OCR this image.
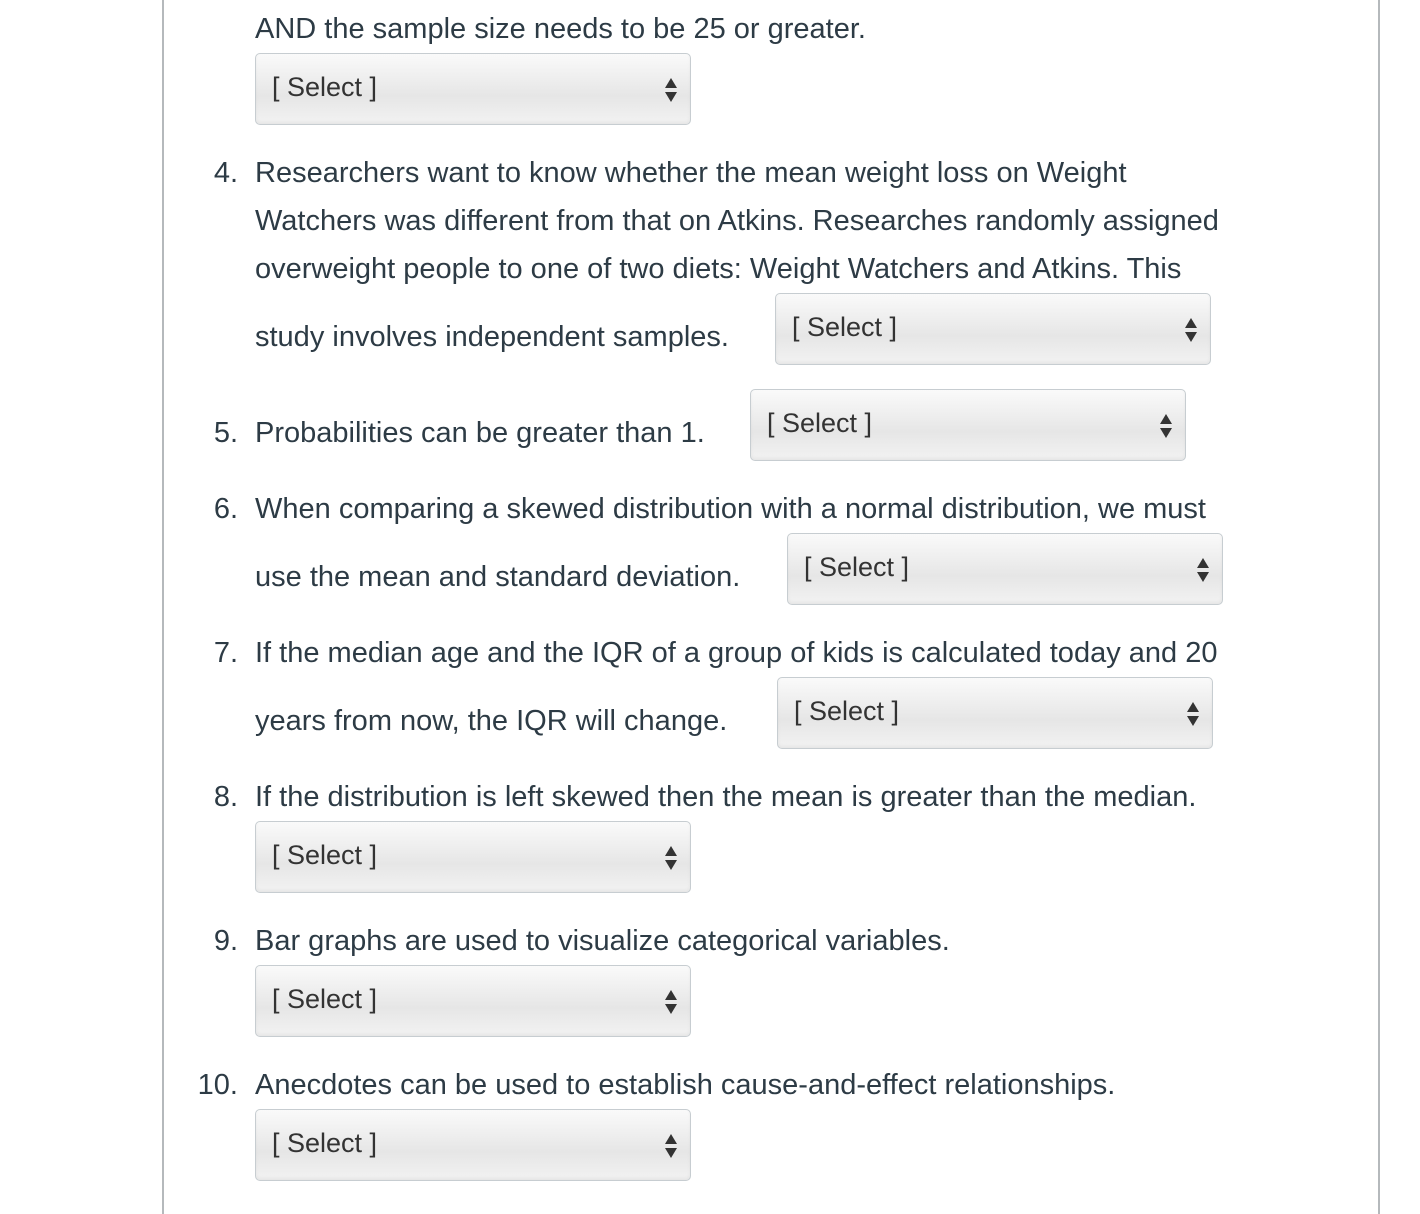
AND the sample size needs to be 25 or greater.
[ Select ]
4. Researchers want to know whether the mean weight loss on Weight
Watchers was different from that on Atkins. Researches randomly assigned
overweight people to one of two diets: Weight Watchers and Atkins. This
study involves independent samples. [ Select ]
5. Probabilities can be greater than 1. [ Select ]
6. When comparing a skewed distribution with a normal distribution, we must
use the mean and standard deviation. [ Select ]
7. If the median age and the IQR of a group of kids is calculated today and 20
years from now, the IQR will change. [ Select ]
8. If the distribution is left skewed then the mean is greater than the median.
[ Select ]
9. Bar graphs are used to visualize categorical variables.
[ Select ]
10. Anecdotes can be used to establish cause-and-effect relationships.
[ Select ]
